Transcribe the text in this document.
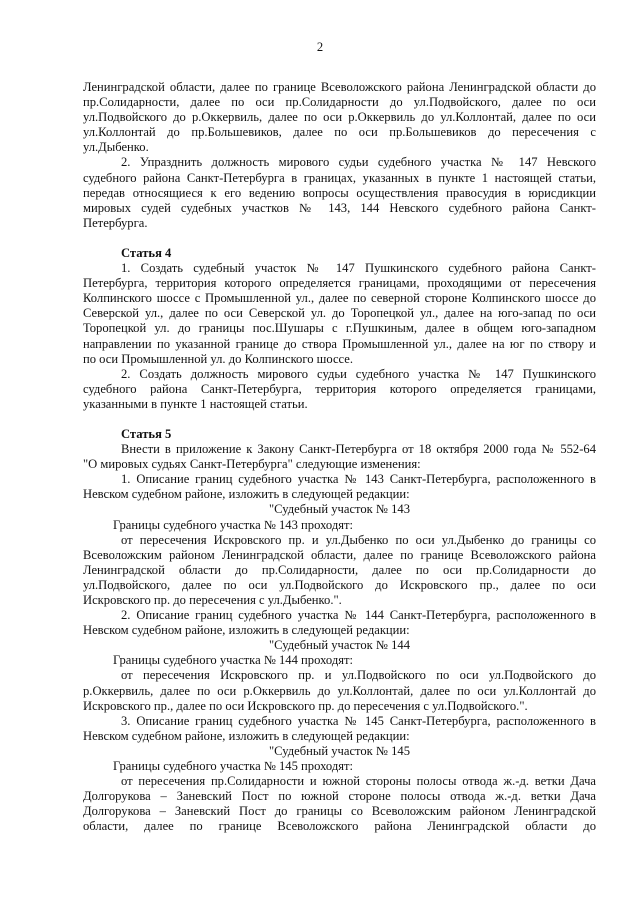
2
Ленинградской области, далее по границе Всеволожского района Ленинградской области до
пр.Солидарности, далее по оси пр.Солидарности до ул.Подвойского, далее по оси
ул.Подвойского до р.Оккервиль, далее по оси р.Оккервиль до ул.Коллонтай, далее по оси
ул.Коллонтай до пр.Большевиков, далее по оси пр.Большевиков до пересечения с
ул.Дыбенко.
2. Упразднить должность мирового судьи судебного участка № 147 Невского
судебного района Санкт-Петербурга в границах, указанных в пункте 1 настоящей статьи,
передав относящиеся к его ведению вопросы осуществления правосудия в юрисдикции
мировых судей судебных участков № 143, 144 Невского судебного района Санкт-
Петербурга.
Статья 4
1. Создать судебный участок № 147 Пушкинского судебного района Санкт-
Петербурга, территория которого определяется границами, проходящими от пересечения
Колпинского шоссе с Промышленной ул., далее по северной стороне Колпинского шоссе до
Северской ул., далее по оси Северской ул. до Торопецкой ул., далее на юго-запад по оси
Торопецкой ул. до границы пос.Шушары с г.Пушкиным, далее в общем юго-западном
направлении по указанной границе до створа Промышленной ул., далее на юг по створу и
по оси Промышленной ул. до Колпинского шоссе.
2. Создать должность мирового судьи судебного участка № 147 Пушкинского
судебного района Санкт-Петербурга, территория которого определяется границами,
указанными в пункте 1 настоящей статьи.
Статья 5
Внести в приложение к Закону Санкт-Петербурга от 18 октября 2000 года № 552-64
"О мировых судьях Санкт-Петербурга" следующие изменения:
1. Описание границ судебного участка № 143 Санкт-Петербурга, расположенного в
Невском судебном районе, изложить в следующей редакции:
"Судебный участок № 143
Границы судебного участка № 143 проходят:
от пересечения Искровского пр. и ул.Дыбенко по оси ул.Дыбенко до границы со
Всеволожским районом Ленинградской области, далее по границе Всеволожского района
Ленинградской области до пр.Солидарности, далее по оси пр.Солидарности до
ул.Подвойского, далее по оси ул.Подвойского до Искровского пр., далее по оси
Искровского пр. до пересечения с ул.Дыбенко.".
2. Описание границ судебного участка № 144 Санкт-Петербурга, расположенного в
Невском судебном районе, изложить в следующей редакции:
"Судебный участок № 144
Границы судебного участка № 144 проходят:
от пересечения Искровского пр. и ул.Подвойского по оси ул.Подвойского до
р.Оккервиль, далее по оси р.Оккервиль до ул.Коллонтай, далее по оси ул.Коллонтай до
Искровского пр., далее по оси Искровского пр. до пересечения с ул.Подвойского.".
3. Описание границ судебного участка № 145 Санкт-Петербурга, расположенного в
Невском судебном районе, изложить в следующей редакции:
"Судебный участок № 145
Границы судебного участка № 145 проходят:
от пересечения пр.Солидарности и южной стороны полосы отвода ж.-д. ветки Дача
Долгорукова – Заневский Пост по южной стороне полосы отвода ж.-д. ветки Дача
Долгорукова – Заневский Пост до границы со Всеволожским районом Ленинградской
области, далее по границе Всеволожского района Ленинградской области до
